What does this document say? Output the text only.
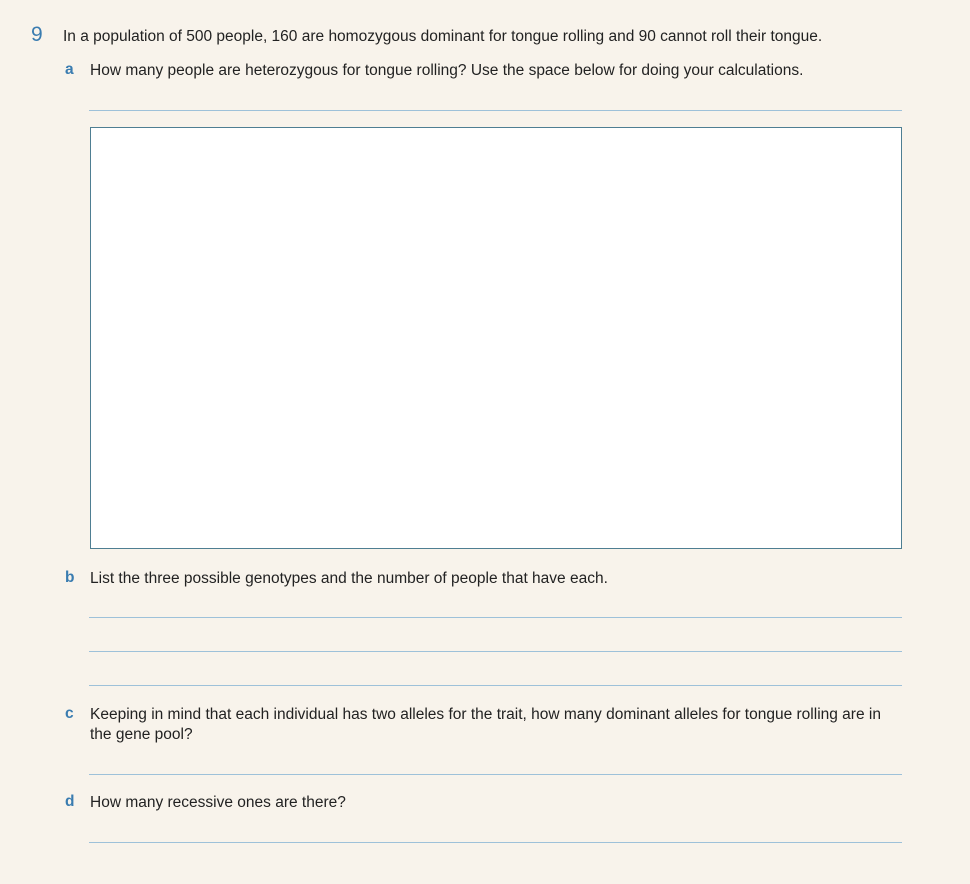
9 In a population of 500 people, 160 are homozygous dominant for tongue rolling and 90 cannot roll their tongue.
a How many people are heterozygous for tongue rolling? Use the space below for doing your calculations.
b List the three possible genotypes and the number of people that have each.
c Keeping in mind that each individual has two alleles for the trait, how many dominant alleles for tongue rolling are in the gene pool?
d How many recessive ones are there?
